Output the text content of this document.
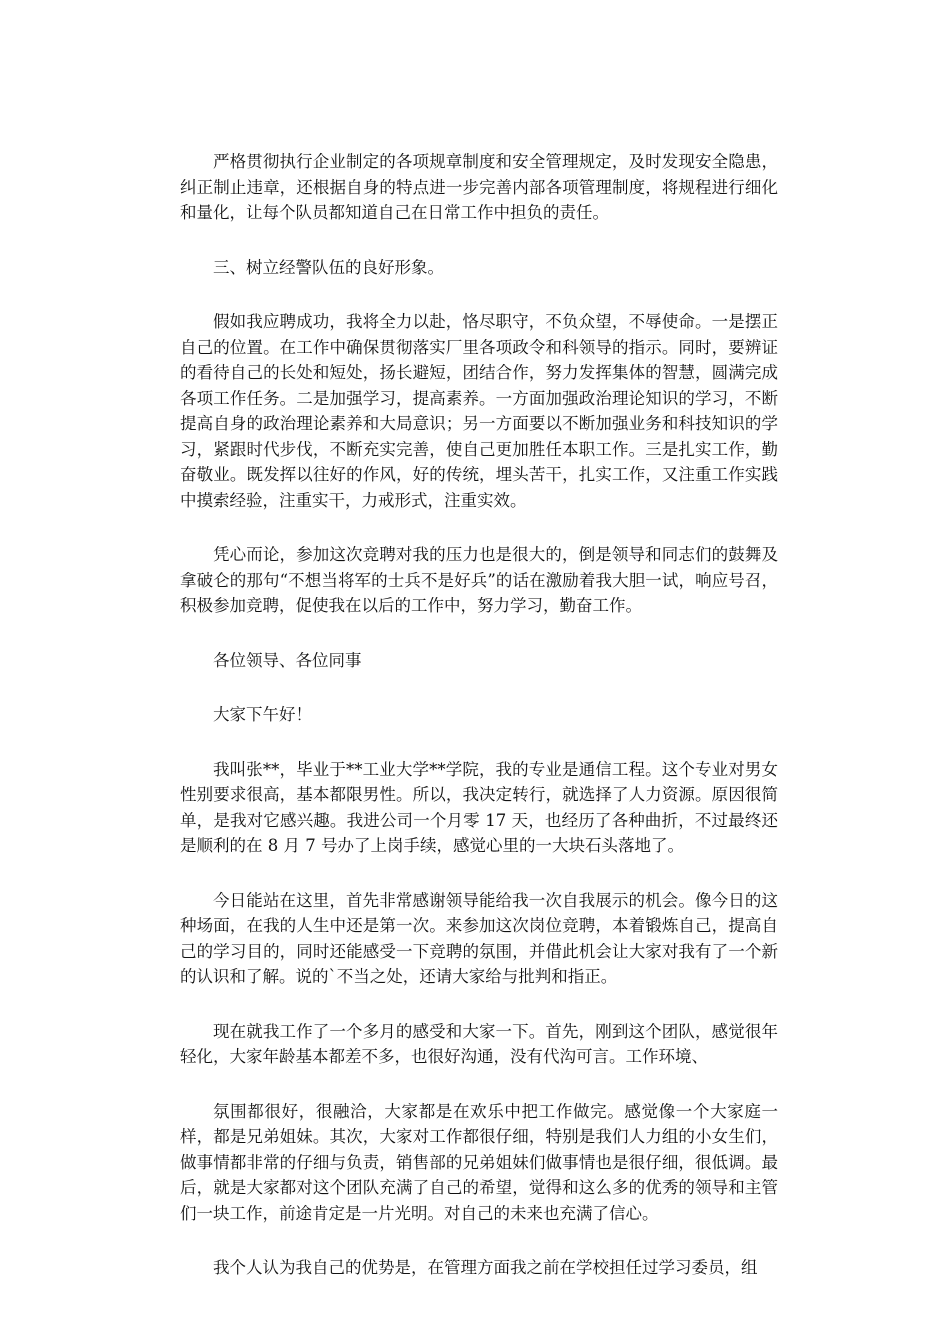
严格贯彻执行企业制定的各项规章制度和安全管理规定，及时发现安全隐患，纠正制止违章，还根据自身的特点进一步完善内部各项管理制度，将规程进行细化和量化，让每个队员都知道自己在日常工作中担负的责任。

三、树立经警队伍的良好形象。

假如我应聘成功，我将全力以赴，恪尽职守，不负众望，不辱使命。一是摆正自己的位置。在工作中确保贯彻落实厂里各项政令和科领导的指示。同时，要辨证的看待自己的长处和短处，扬长避短，团结合作，努力发挥集体的智慧，圆满完成各项工作任务。二是加强学习，提高素养。一方面加强政治理论知识的学习，不断提高自身的政治理论素养和大局意识；另一方面要以不断加强业务和科技知识的学习，紧跟时代步伐，不断充实完善，使自己更加胜任本职工作。三是扎实工作，勤奋敬业。既发挥以往好的作风，好的传统，埋头苦干，扎实工作，又注重工作实践中摸索经验，注重实干，力戒形式，注重实效。

凭心而论，参加这次竞聘对我的压力也是很大的，倒是领导和同志们的鼓舞及拿破仑的那句“不想当将军的士兵不是好兵”的话在激励着我大胆一试，响应号召，积极参加竞聘，促使我在以后的工作中，努力学习，勤奋工作。

各位领导、各位同事

大家下午好！

我叫张**，毕业于**工业大学**学院，我的专业是通信工程。这个专业对男女性别要求很高，基本都限男性。所以，我决定转行，就选择了人力资源。原因很简单，是我对它感兴趣。我进公司一个月零 17 天，也经历了各种曲折，不过最终还是顺利的在 8 月 7 号办了上岗手续，感觉心里的一大块石头落地了。

今日能站在这里，首先非常感谢领导能给我一次自我展示的机会。像今日的这种场面，在我的人生中还是第一次。来参加这次岗位竞聘，本着锻炼自己，提高自己的学习目的，同时还能感受一下竞聘的氛围，并借此机会让大家对我有了一个新的认识和了解。说的`不当之处，还请大家给与批判和指正。

现在就我工作了一个多月的感受和大家一下。首先，刚到这个团队，感觉很年轻化，大家年龄基本都差不多，也很好沟通，没有代沟可言。工作环境、

氛围都很好，很融洽，大家都是在欢乐中把工作做完。感觉像一个大家庭一样，都是兄弟姐妹。其次，大家对工作都很仔细，特别是我们人力组的小女生们，做事情都非常的仔细与负责，销售部的兄弟姐妹们做事情也是很仔细，很低调。最后，就是大家都对这个团队充满了自己的希望，觉得和这么多的优秀的领导和主管们一块工作，前途肯定是一片光明。对自己的未来也充满了信心。

我个人认为我自己的优势是，在管理方面我之前在学校担任过学习委员，组
